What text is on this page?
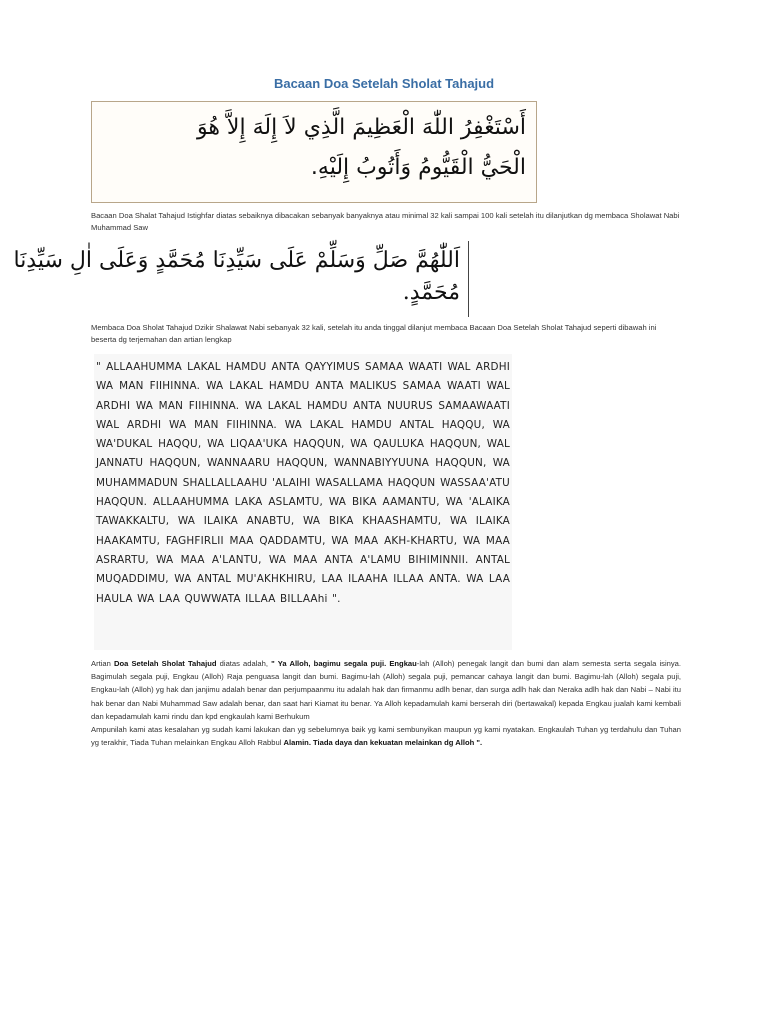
Bacaan Doa Setelah Sholat Tahajud
أَسْتَغْفِرُ اللّٰهَ الْعَظِيمَ الَّذِي لاَ إِلَهَ إِلاَّ هُوَ
الْحَيُّ الْقَيُّومُ وَأَتُوبُ إِلَيْهِ.
Bacaan Doa Shalat Tahajud Istighfar diatas sebaiknya dibacakan sebanyak banyaknya atau minimal 32 kali sampai 100 kali setelah itu dilanjutkan dg membaca Sholawat Nabi Muhammad Saw
اَللّٰهُمَّ صَلِّ وَسَلِّمْ عَلَى سَيِّدِنَا مُحَمَّدٍ وَعَلَى اٰلِ سَيِّدِنَا
مُحَمَّدٍ.
Membaca Doa Sholat Tahajud Dzikir Shalawat Nabi sebanyak 32 kali, setelah itu anda tinggal dilanjut membaca Bacaan Doa Setelah Sholat Tahajud seperti dibawah ini beserta dg terjemahan dan artian lengkap
" ALLAAHUMMA LAKAL HAMDU ANTA QAYYIMUS SAMAA WAATI WAL ARDHI WA MAN FIIHINNA. WA LAKAL HAMDU ANTA MALIKUS SAMAA WAATI WAL ARDHI WA MAN FIIHINNA. WA LAKAL HAMDU ANTA NUURUS SAMAAWAATI WAL ARDHI WA MAN FIIHINNA. WA LAKAL HAMDU ANTAL HAQQU, WA WA'DUKAL HAQQU, WA LIQAA'UKA HAQQUN, WA QAULUKA HAQQUN, WAL JANNATU HAQQUN, WANNAARU HAQQUN, WANNABIYYUUNA HAQQUN, WA MUHAMMADUN SHALLALLAAHU 'ALAIHI WASALLAMA HAQQUN WASSAA'ATU HAQQUN. ALLAAHUMMA LAKA ASLAMTU, WA BIKA AAMANTU, WA 'ALAIKA TAWAKKALTU, WA ILAIKA ANABTU, WA BIKA KHAASHAMTU, WA ILAIKA HAAKAMTU, FAGHFIRLII MAA QADDAMTU, WA MAA AKH-KHARTU, WA MAA ASRARTU, WA MAA A'LANTU, WA MAA ANTA A'LAMU BIHIMINNII. ANTAL MUQADDIMU, WA ANTAL MU'AKHKHIRU, LAA ILAAHA ILLAA ANTA. WA LAA HAULA WA LAA QUWWATA ILLAA BILLAAhi ".
Artian Doa Setelah Sholat Tahajud diatas adalah, " Ya Alloh, bagimu segala puji. Engkau-lah (Alloh) penegak langit dan bumi dan alam semesta serta segala isinya. Bagimulah segala puji, Engkau (Alloh) Raja penguasa langit dan bumi. Bagimu-lah (Alloh) segala puji, pemancar cahaya langit dan bumi. Bagimu-lah (Alloh) segala puji, Engkau-lah (Alloh) yg hak dan janjimu adalah benar dan perjumpaanmu itu adalah hak dan firmanmu adlh benar, dan surga adlh hak dan Neraka adlh hak dan Nabi – Nabi itu hak benar dan Nabi Muhammad Saw adalah benar, dan saat hari Kiamat itu benar. Ya Alloh kepadamulah kami berserah diri (bertawakal) kepada Engkau jualah kami kembali dan kepadamulah kami rindu dan kpd engkaulah kami Berhukum
Ampunilah kami atas kesalahan yg sudah kami lakukan dan yg sebelumnya baik yg kami sembunyikan maupun yg kami nyatakan. Engkaulah Tuhan yg terdahulu dan Tuhan yg terakhir, Tiada Tuhan melainkan Engkau Alloh Rabbul Alamin. Tiada daya dan kekuatan melainkan dg Alloh ".
